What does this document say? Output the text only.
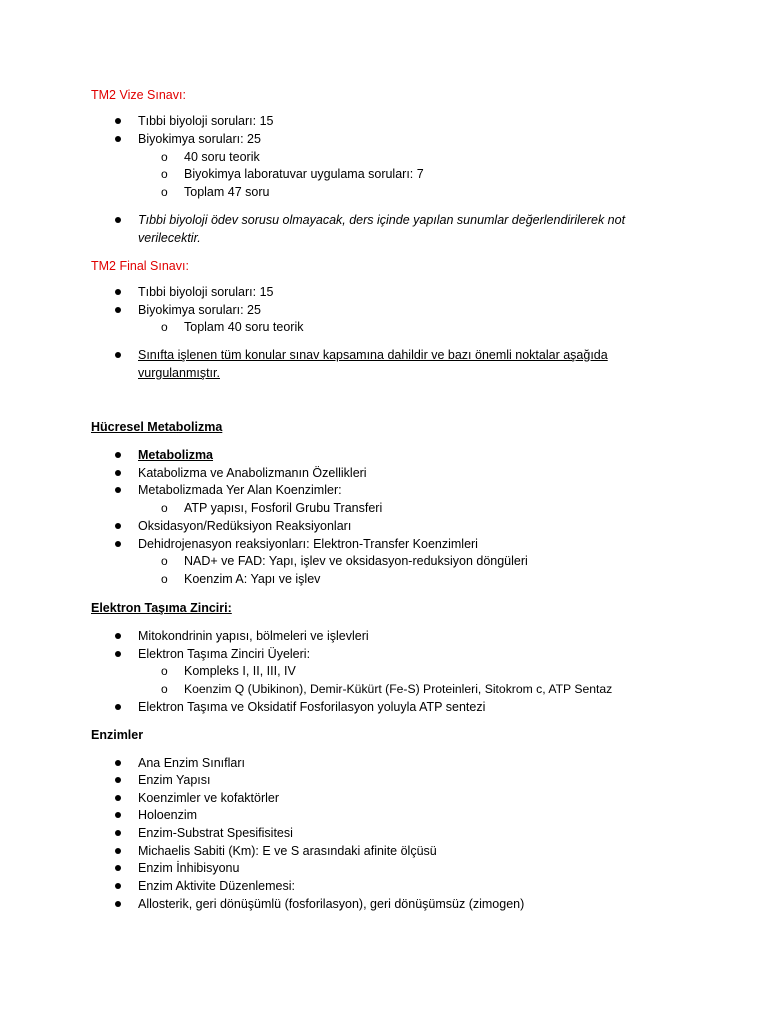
TM2 Vize Sınavı:
Tıbbi biyoloji soruları: 15
Biyokimya soruları: 25
o 40 soru teorik
o Biyokimya laboratuvar uygulama soruları: 7
o Toplam 47 soru
Tıbbi biyoloji ödev sorusu olmayacak, ders içinde yapılan sunumlar değerlendirilerek not
verilecektir.
TM2 Final Sınavı:
Tıbbi biyoloji soruları: 15
Biyokimya soruları: 25
o Toplam 40 soru teorik
Sınıfta işlenen tüm konular sınav kapsamına dahildir ve bazı önemli noktalar aşağıda
vurgulanmıştır.
Hücresel Metabolizma
Metabolizma
Katabolizma ve Anabolizmanın Özellikleri
Metabolizmada Yer Alan Koenzimler:
o ATP yapısı, Fosforil Grubu Transferi
Oksidasyon/Redüksiyon Reaksiyonları
Dehidrojenasyon reaksiyonları: Elektron-Transfer Koenzimleri
o NAD+ ve FAD: Yapı, işlev ve oksidasyon-reduksiyon döngüleri
o Koenzim A: Yapı ve işlev
Elektron Taşıma Zinciri:
Mitokondrinin yapısı, bölmeleri ve işlevleri
Elektron Taşıma Zinciri Üyeleri:
o Kompleks I, II, III, IV
o Koenzim Q (Ubikinon), Demir-Kükürt (Fe-S) Proteinleri, Sitokrom c, ATP Sentaz
Elektron Taşıma ve Oksidatif Fosforilasyon yoluyla ATP sentezi
Enzimler
Ana Enzim Sınıfları
Enzim Yapısı
Koenzimler ve kofaktörler
Holoenzim
Enzim-Substrat Spesifisitesi
Michaelis Sabiti (Km): E ve S arasındaki afinite ölçüsü
Enzim İnhibisyonu
Enzim Aktivite Düzenlemesi:
Allosterik, geri dönüşümlü (fosforilasyon), geri dönüşümsüz (zimogen)
